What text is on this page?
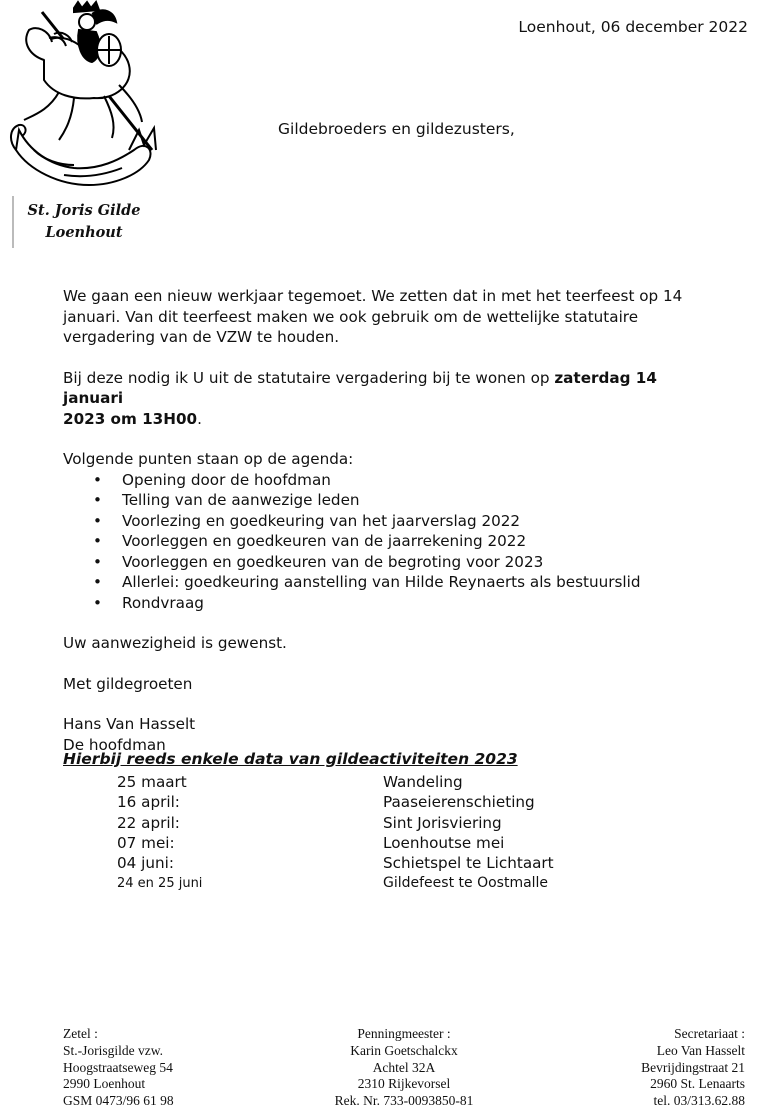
St. Joris Gilde
Loenhout
Loenhout, 06 december 2022
Gildebroeders en gildezusters,

We gaan een nieuw werkjaar tegemoet. We zetten dat in met het teerfeest op 14

januari. Van dit teerfeest maken we ook gebruik om de wettelijke statutaire

vergadering van de VZW te houden.

Bij deze nodig ik U uit de statutaire vergadering bij te wonen op zaterdag 14 januari
2023 om 13H00.

Volgende punten staan op de agenda:

• Opening door de hoofdman
• Telling van de aanwezige leden
• Voorlezing en goedkeuring van het jaarverslag 2022
• Voorleggen en goedkeuren van de jaarrekening 2022
• Voorleggen en goedkeuren van de begroting voor 2023
• Allerlei: goedkeuring aanstelling van Hilde Reynaerts als bestuurslid
• Rondvraag

Uw aanwezigheid is gewenst.

Met gildegroeten

Hans Van Hasselt

De hoofdman

Hierbij reeds enkele data van gildeactiviteiten 2023
25 maart	Wandeling
16 april:	Paaseierenschieting
22 april:	Sint Jorisviering
07 mei:	Loenhoutse mei
04 juni:	Schietspel te Lichtaart
24 en 25 juni	Gildefeest te Oostmalle
Zetel :
St.-Jorisgilde vzw.
Hoogstraatseweg 54
2990 Loenhout
GSM 0473/96 61 98
Penningmeester :
Karin Goetschalckx
Achtel 32A
2310 Rijkevorsel
Rek. Nr. 733-0093850-81
Secretariaat :
Leo Van Hasselt
Bevrijdingstraat 21
2960 St. Lenaarts
tel. 03/313.62.88
